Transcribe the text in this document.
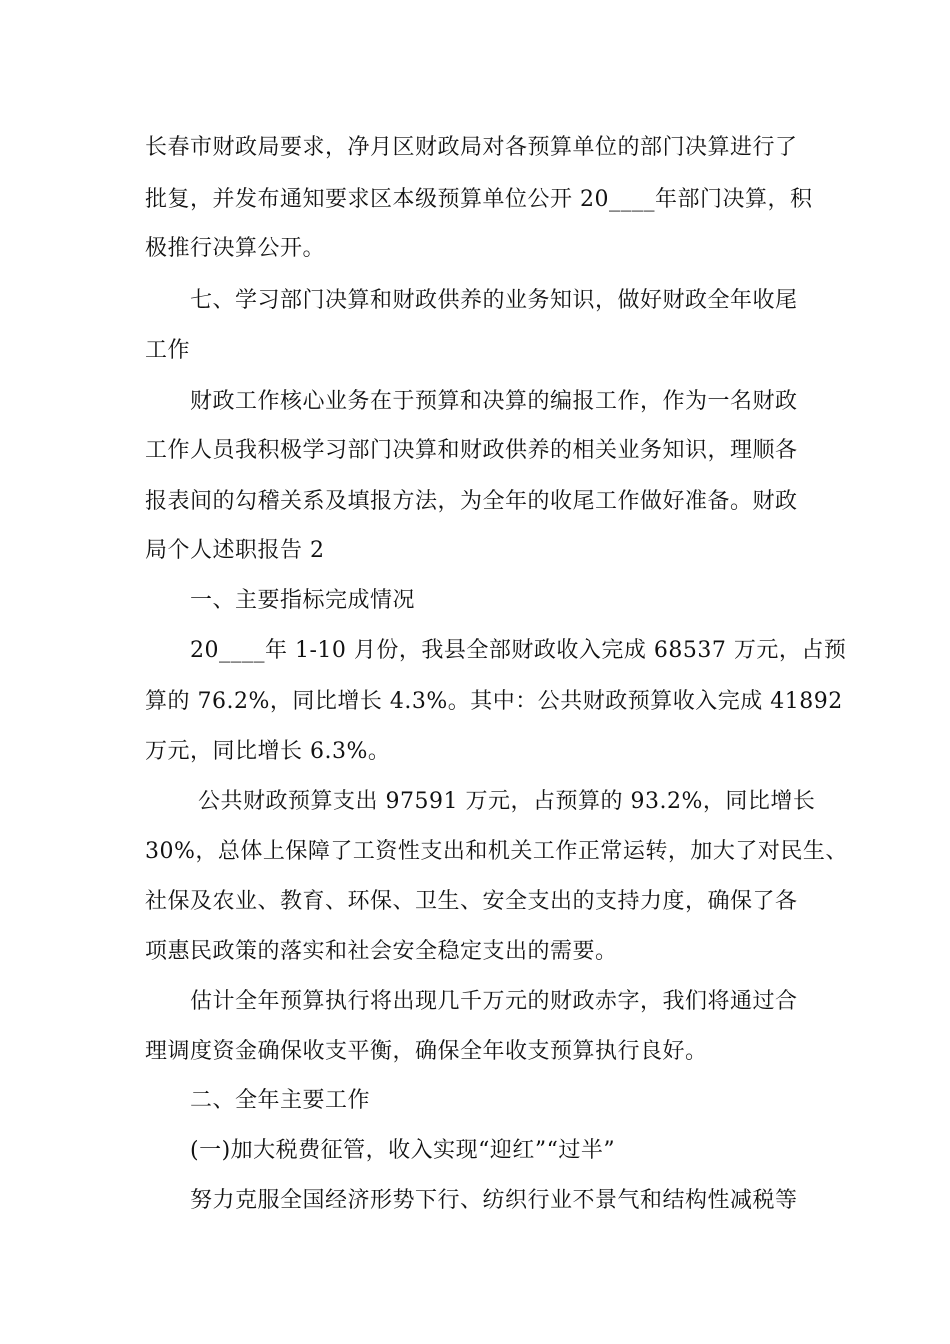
长春市财政局要求，净月区财政局对各预算单位的部门决算进行了

批复，并发布通知要求区本级预算单位公开 20____年部门决算，积

极推行决算公开。

七、学习部门决算和财政供养的业务知识，做好财政全年收尾

工作

财政工作核心业务在于预算和决算的编报工作，作为一名财政

工作人员我积极学习部门决算和财政供养的相关业务知识，理顺各

报表间的勾稽关系及填报方法，为全年的收尾工作做好准备。财政

局个人述职报告 2

一、主要指标完成情况

20____年 1-10 月份，我县全部财政收入完成 68537 万元，占预

算的 76.2%，同比增长 4.3%。其中：公共财政预算收入完成 41892

万元，同比增长 6.3%。

公共财政预算支出 97591 万元，占预算的 93.2%，同比增长

30%，总体上保障了工资性支出和机关工作正常运转，加大了对民生、

社保及农业、教育、环保、卫生、安全支出的支持力度，确保了各

项惠民政策的落实和社会安全稳定支出的需要。

估计全年预算执行将出现几千万元的财政赤字，我们将通过合

理调度资金确保收支平衡，确保全年收支预算执行良好。

二、全年主要工作

(一)加大税费征管，收入实现“迎红”“过半”

努力克服全国经济形势下行、纺织行业不景气和结构性减税等
